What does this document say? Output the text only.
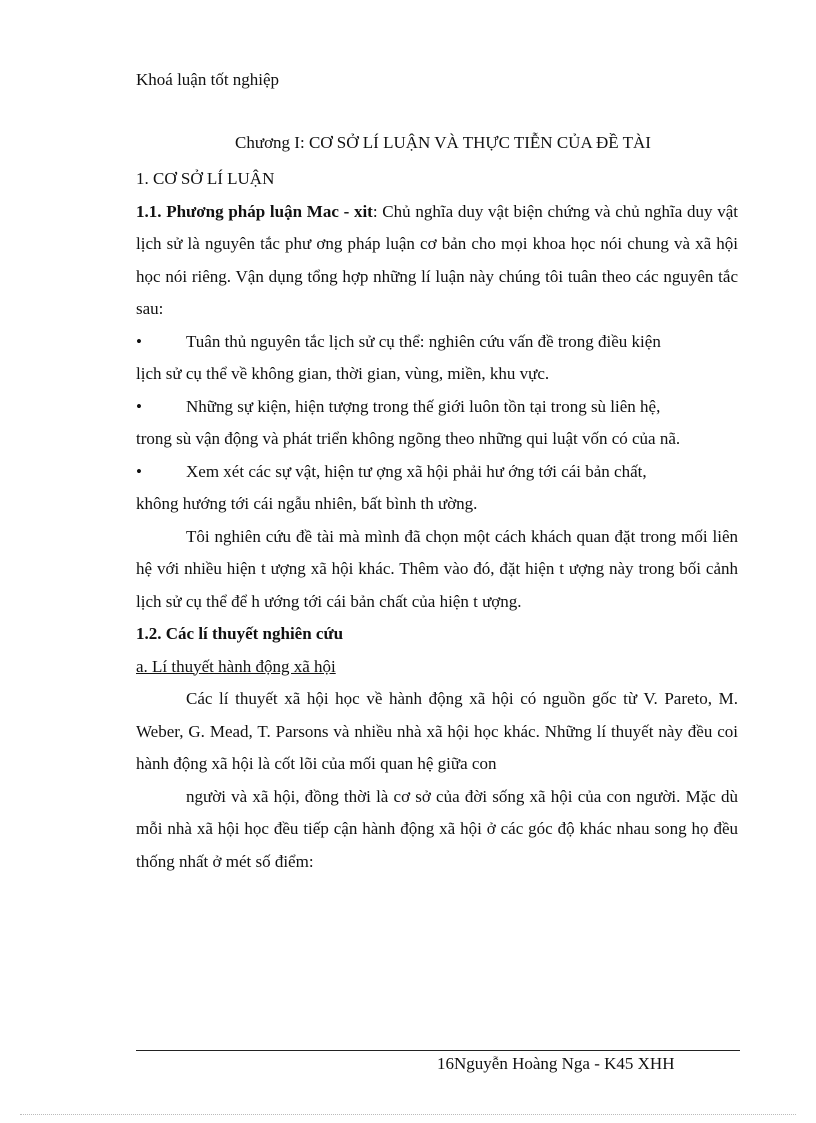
Khoá luận tốt nghiệp
Chương I: CƠ SỞ LÍ LUẬN VÀ THỰC TIỄN CỦA ĐỀ TÀI

1. CƠ SỞ LÍ LUẬN

1.1. Phương pháp luận Mac - xit: Chủ nghĩa duy vật biện chứng và chủ nghĩa duy vật lịch sử là nguyên tắc phư ơng pháp luận cơ bản cho mọi khoa học nói chung và xã hội học nói riêng. Vận dụng tổng hợp những lí luận này chúng tôi tuân theo các nguyên tắc sau:

•	Tuân thủ nguyên tắc lịch sử cụ thể: nghiên cứu vấn đề trong điều kiện

lịch sử cụ thể về không gian, thời gian, vùng, miền, khu vực.

•	Những sự kiện, hiện tượng trong thế giới luôn tồn tại trong sù liên hệ,

trong sù vận động và phát triển không ngõng theo những qui luật vốn có của nã.

•	Xem xét các sự vật, hiện tư ợng xã hội phải hư ớng tới cái bản chất,

không hướng tới cái ngẫu nhiên, bất bình th ường.

Tôi nghiên cứu đề tài mà mình đã chọn một cách khách quan đặt trong mối liên hệ với nhiều hiện t ượng xã hội khác. Thêm vào đó, đặt hiện t ượng này trong bối cảnh lịch sử cụ thể để h ướng tới cái bản chất của hiện t ượng.

1.2. Các lí thuyết nghiên cứu

a. Lí thuyết hành động xã hội

Các lí thuyết xã hội học về hành động xã hội có nguồn gốc từ V. Pareto, M. Weber, G. Mead, T. Parsons và nhiều nhà xã hội học khác. Những lí thuyết này đều coi hành động xã hội là cốt lõi của mối quan hệ giữa con

người và xã hội, đồng thời là cơ sở của đời sống xã hội của con người. Mặc dù mỗi nhà xã hội học đều tiếp cận hành động xã hội ở các góc độ khác nhau song họ đều thống nhất ở mét số điểm:

16Nguyễn Hoàng Nga - K45 XHH
